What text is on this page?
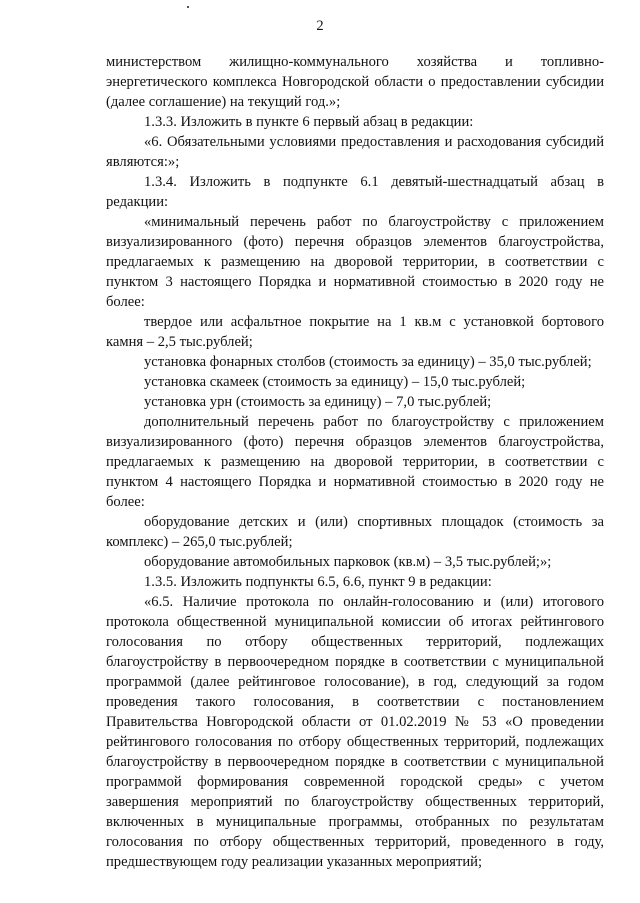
2

министерством жилищно-коммунального хозяйства и топливно-энергетического комплекса Новгородской области о предоставлении субсидии (далее соглашение) на текущий год.»;

1.3.3. Изложить в пункте 6 первый абзац в редакции:

«6. Обязательными условиями предоставления и расходования субсидий являются:»;

1.3.4. Изложить в подпункте 6.1 девятый-шестнадцатый абзац в редакции:

«минимальный перечень работ по благоустройству с приложением визуализированного (фото) перечня образцов элементов благоустройства, предлагаемых к размещению на дворовой территории, в соответствии с пунктом 3 настоящего Порядка и нормативной стоимостью в 2020 году не более:

твердое или асфальтное покрытие на 1 кв.м с установкой бортового камня – 2,5 тыс.рублей;

установка фонарных столбов (стоимость за единицу) – 35,0 тыс.рублей;

установка скамеек (стоимость за единицу) – 15,0 тыс.рублей;

установка урн (стоимость за единицу) – 7,0 тыс.рублей;

дополнительный перечень работ по благоустройству с приложением визуализированного (фото) перечня образцов элементов благоустройства, предлагаемых к размещению на дворовой территории, в соответствии с пунктом 4 настоящего Порядка и нормативной стоимостью в 2020 году не более:

оборудование детских и (или) спортивных площадок (стоимость за комплекс) – 265,0 тыс.рублей;

оборудование автомобильных парковок (кв.м) – 3,5 тыс.рублей;»;

1.3.5. Изложить подпункты 6.5, 6.6, пункт 9 в редакции:

«6.5. Наличие протокола по онлайн-голосованию и (или) итогового протокола общественной муниципальной комиссии об итогах рейтингового голосования по отбору общественных территорий, подлежащих благоустройству в первоочередном порядке в соответствии с муниципальной программой (далее рейтинговое голосование), в год, следующий за годом проведения такого голосования, в соответствии с постановлением Правительства Новгородской области от 01.02.2019 № 53 «О проведении рейтингового голосования по отбору общественных территорий, подлежащих благоустройству в первоочередном порядке в соответствии с муниципальной программой формирования современной городской среды» с учетом завершения мероприятий по благоустройству общественных территорий, включенных в муниципальные программы, отобранных по результатам голосования по отбору общественных территорий, проведенного в году, предшествующем году реализации указанных мероприятий;
